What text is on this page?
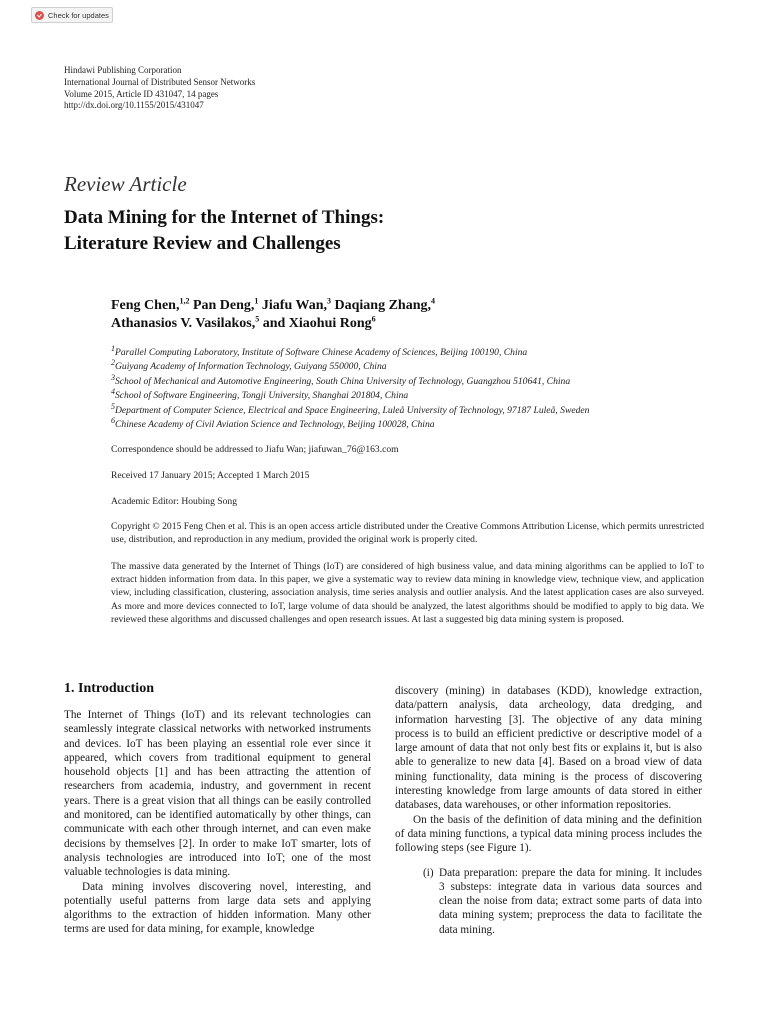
Check for updates
Hindawi Publishing Corporation
International Journal of Distributed Sensor Networks
Volume 2015, Article ID 431047, 14 pages
http://dx.doi.org/10.1155/2015/431047
Review Article
Data Mining for the Internet of Things:
Literature Review and Challenges
Feng Chen,$^{1,2}$ Pan Deng,$^1$ Jiafu Wan,$^3$ Daqiang Zhang,$^4$
Athanasios V. Vasilakos,$^5$ and Xiaohui Rong$^6$
$^1$Parallel Computing Laboratory, Institute of Software Chinese Academy of Sciences, Beijing 100190, China
$^2$Guiyang Academy of Information Technology, Guiyang 550000, China
$^3$School of Mechanical and Automotive Engineering, South China University of Technology, Guangzhou 510641, China
$^4$School of Software Engineering, Tongji University, Shanghai 201804, China
$^5$Department of Computer Science, Electrical and Space Engineering, Luleå University of Technology, 97187 Luleå, Sweden
$^6$Chinese Academy of Civil Aviation Science and Technology, Beijing 100028, China
Correspondence should be addressed to Jiafu Wan; jiafuwan_76@163.com
Received 17 January 2015; Accepted 1 March 2015
Academic Editor: Houbing Song
Copyright © 2015 Feng Chen et al. This is an open access article distributed under the Creative Commons Attribution License, which permits unrestricted use, distribution, and reproduction in any medium, provided the original work is properly cited.
The massive data generated by the Internet of Things (IoT) are considered of high business value, and data mining algorithms can be applied to IoT to extract hidden information from data. In this paper, we give a systematic way to review data mining in knowledge view, technique view, and application view, including classification, clustering, association analysis, time series analysis and outlier analysis. And the latest application cases are also surveyed. As more and more devices connected to IoT, large volume of data should be analyzed, the latest algorithms should be modified to apply to big data. We reviewed these algorithms and discussed challenges and open research issues. At last a suggested big data mining system is proposed.
1. Introduction

The Internet of Things (IoT) and its relevant technologies can seamlessly integrate classical networks with networked instruments and devices. IoT has been playing an essential role ever since it appeared, which covers from traditional equipment to general household objects [1] and has been attracting the attention of researchers from academia, industry, and government in recent years. There is a great vision that all things can be easily controlled and monitored, can be identified automatically by other things, can communicate with each other through internet, and can even make decisions by themselves [2]. In order to make IoT smarter, lots of analysis technologies are introduced into IoT; one of the most valuable technologies is data mining.

Data mining involves discovering novel, interesting, and potentially useful patterns from large data sets and applying algorithms to the extraction of hidden information. Many other terms are used for data mining, for example, knowledge

discovery (mining) in databases (KDD), knowledge extraction, data/pattern analysis, data archeology, data dredging, and information harvesting [3]. The objective of any data mining process is to build an efficient predictive or descriptive model of a large amount of data that not only best fits or explains it, but is also able to generalize to new data [4]. Based on a broad view of data mining functionality, data mining is the process of discovering interesting knowledge from large amounts of data stored in either databases, data warehouses, or other information repositories.

On the basis of the definition of data mining and the definition of data mining functions, a typical data mining process includes the following steps (see Figure 1).

(i) Data preparation: prepare the data for mining. It includes 3 substeps: integrate data in various data sources and clean the noise from data; extract some parts of data into data mining system; preprocess the data to facilitate the data mining.
